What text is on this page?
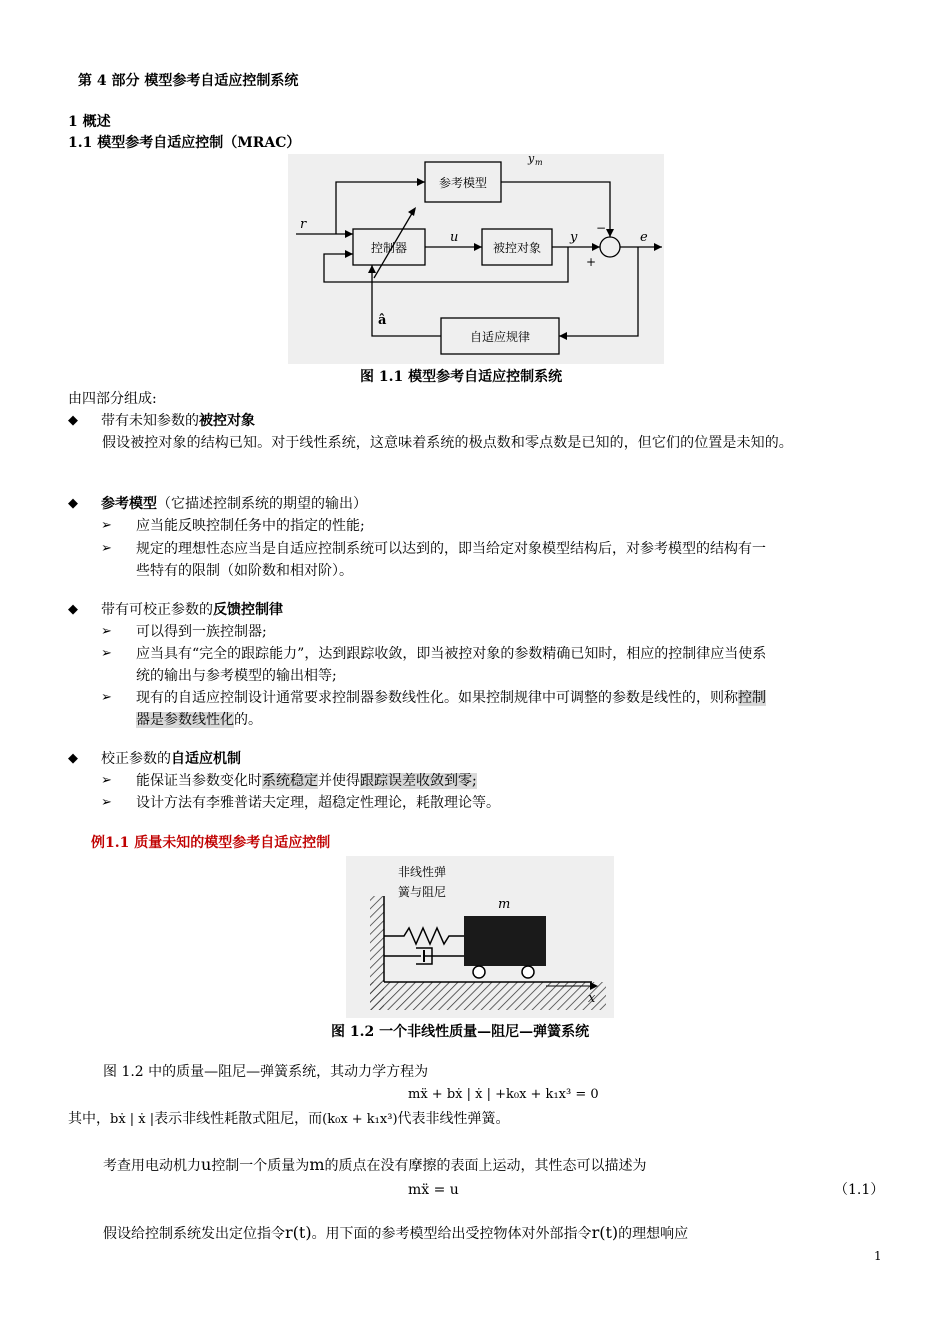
第 4 部分 模型参考自适应控制系统
1 概述
1.1 模型参考自适应控制（MRAC）
参考模型
控制器	被控对象
自适应规律
r
u	y
y m
e
−
+
â
图 1.1 模型参考自适应控制系统
由四部分组成:
◆ 带有未知参数的被控对象
假设被控对象的结构已知。对于线性系统，这意味着系统的极点数和零点数是已知的，但它们的位置是未知的。
◆ 参考模型（它描述控制系统的期望的输出）
➢ 应当能反映控制任务中的指定的性能;
➢ 规定的理想性态应当是自适应控制系统可以达到的，即当给定对象模型结构后，对参考模型的结构有一
些特有的限制（如阶数和相对阶）。
◆ 带有可校正参数的反馈控制律
➢ 可以得到一族控制器;
➢ 应当具有“完全的跟踪能力”，达到跟踪收敛，即当被控对象的参数精确已知时，相应的控制律应当使系
统的输出与参考模型的输出相等;
➢ 现有的自适应控制设计通常要求控制器参数线性化。如果控制规律中可调整的参数是线性的，则称控制
器是参数线性化的。
◆ 校正参数的自适应机制
➢ 能保证当参数变化时系统稳定并使得跟踪误差收敛到零;
➢ 设计方法有李雅普诺夫定理，超稳定性理论，耗散理论等。
例1.1 质量未知的模型参考自适应控制
非线性弹
簧与阻尼
m
x
图 1.2 一个非线性质量—阻尼—弹簧系统
图 1.2 中的质量—阻尼—弹簧系统，其动力学方程为
mẍ + bẋ | ẋ | +k₀x + k₁x³ = 0
其中，bẋ | ẋ |表示非线性耗散式阻尼，而(k₀x + k₁x³)代表非线性弹簧。
考查用电动机力u控制一个质量为m的质点在没有摩擦的表面上运动，其性态可以描述为
mẍ = u	（1.1）
假设给控制系统发出定位指令r(t)。用下面的参考模型给出受控物体对外部指令r(t)的理想响应
1
